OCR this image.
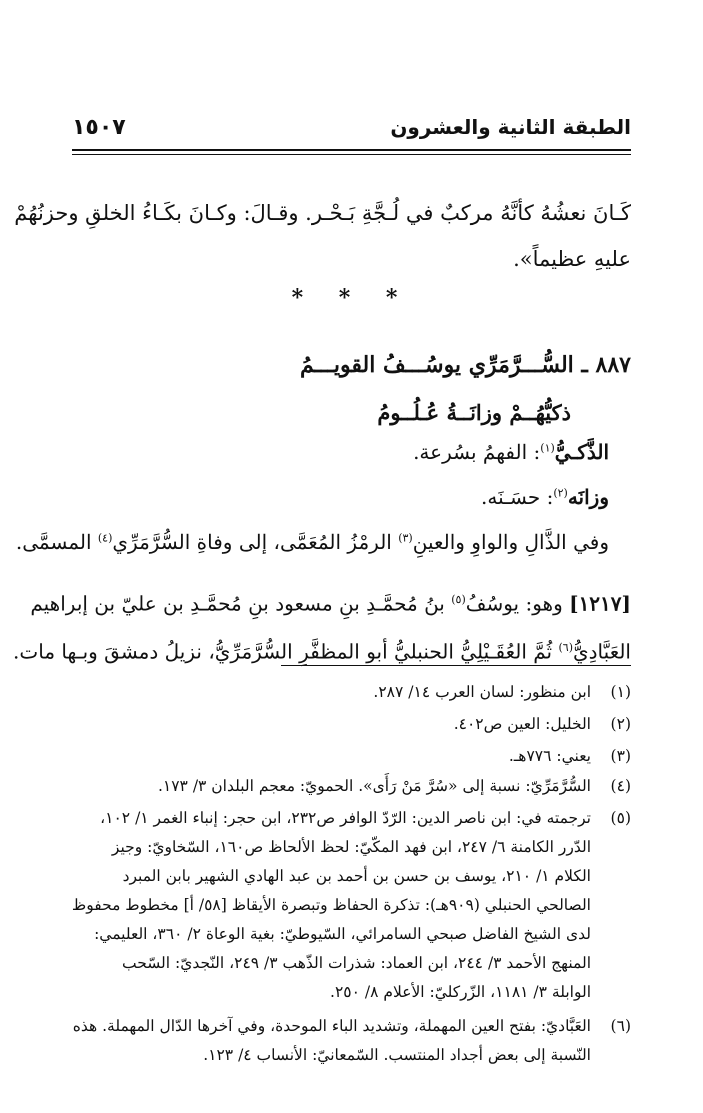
١٥٠٧	الطبقة الثانية والعشرون
كَـانَ نعشُهُ كأنَّهُ مركبٌ في لُـجَّةِ بَـحْـر. وقـالَ: وكـانَ بكَـاءُ الخلقِ وحزنُهُمْ
عليهِ عظيماً».
* * *
٨٨٧ ـ السُّـــرَّمَرِّي يوسُـــفُ القويـــمُ
ذكيُّهُــمْ وزانَــةُ عُـلُــومُ
الذَّكـيُّ$^{(١)}$: الفهمُ بسُرعة.
وزانَه$^{(٢)}$: حسَـنَه.
وفي الذَّالِ والواوِ والعينِ$^{(٣)}$ الرمْزُ المُعَمَّى، إلى وفاةِ السُّرَّمَرِّي$^{(٤)}$ المسمَّى.
[١٢١٧] وهو: يوسُفُ$^{(٥)}$ بنُ مُحمَّـدِ بنِ مسعود بنِ مُحمَّـدِ بن عليّ بن إبراهيم
العَبَّادِيُّ$^{(٦)}$ ثُمَّ العُقَـيْلِيُّ الحنبليُّ أبو المظفَّرِ السُّرَّمَرِّيُّ، نزيلُ دمشقَ وبـها مات.
(١)ابن منظور: لسان العرب ١٤/ ٢٨٧.
(٢)الخليل: العين ص٤٠٢.
(٣)يعني: ٧٧٦هـ.
(٤)السُّرَّمَرِّيّ: نسبة إلى «سُرَّ مَنْ رَأَى». الحمويّ: معجم البلدان ٣/ ١٧٣.
(٥)ترجمته في: ابن ناصر الدين: الرّدّ الوافر ص٢٣٢، ابن حجر: إنباء الغمر ١/ ١٠٢،
الدّرر الكامنة ٦/ ٢٤٧، ابن فهد المكّيّ: لحظ الألحاظ ص١٦٠، السّخاويّ: وجيز
الكلام ١/ ٢١٠، يوسف بن حسن بن أحمد بن عبد الهادي الشهير بابن المبرد
الصالحي الحنبلي (٩٠٩هـ): تذكرة الحفاظ وتبصرة الأيقاظ [٥٨/ أ] مخطوط محفوظ
لدى الشيخ الفاضل صبحي السامرائي، السّيوطيّ: بغية الوعاة ٢/ ٣٦٠، العليمي:
المنهج الأحمد ٣/ ٢٤٤، ابن العماد: شذرات الذّهب ٣/ ٢٤٩، النّجديّ: السّحب
الوابلة ٣/ ١١٨١، الزّركليّ: الأعلام ٨/ ٢٥٠.
(٦)العَبَّاديّ: بفتح العين المهملة، وتشديد الباء الموحدة، وفي آخرها الدّال المهملة. هذه
النّسبة إلى بعض أجداد المنتسب. السّمعانيّ: الأنساب ٤/ ١٢٣.
